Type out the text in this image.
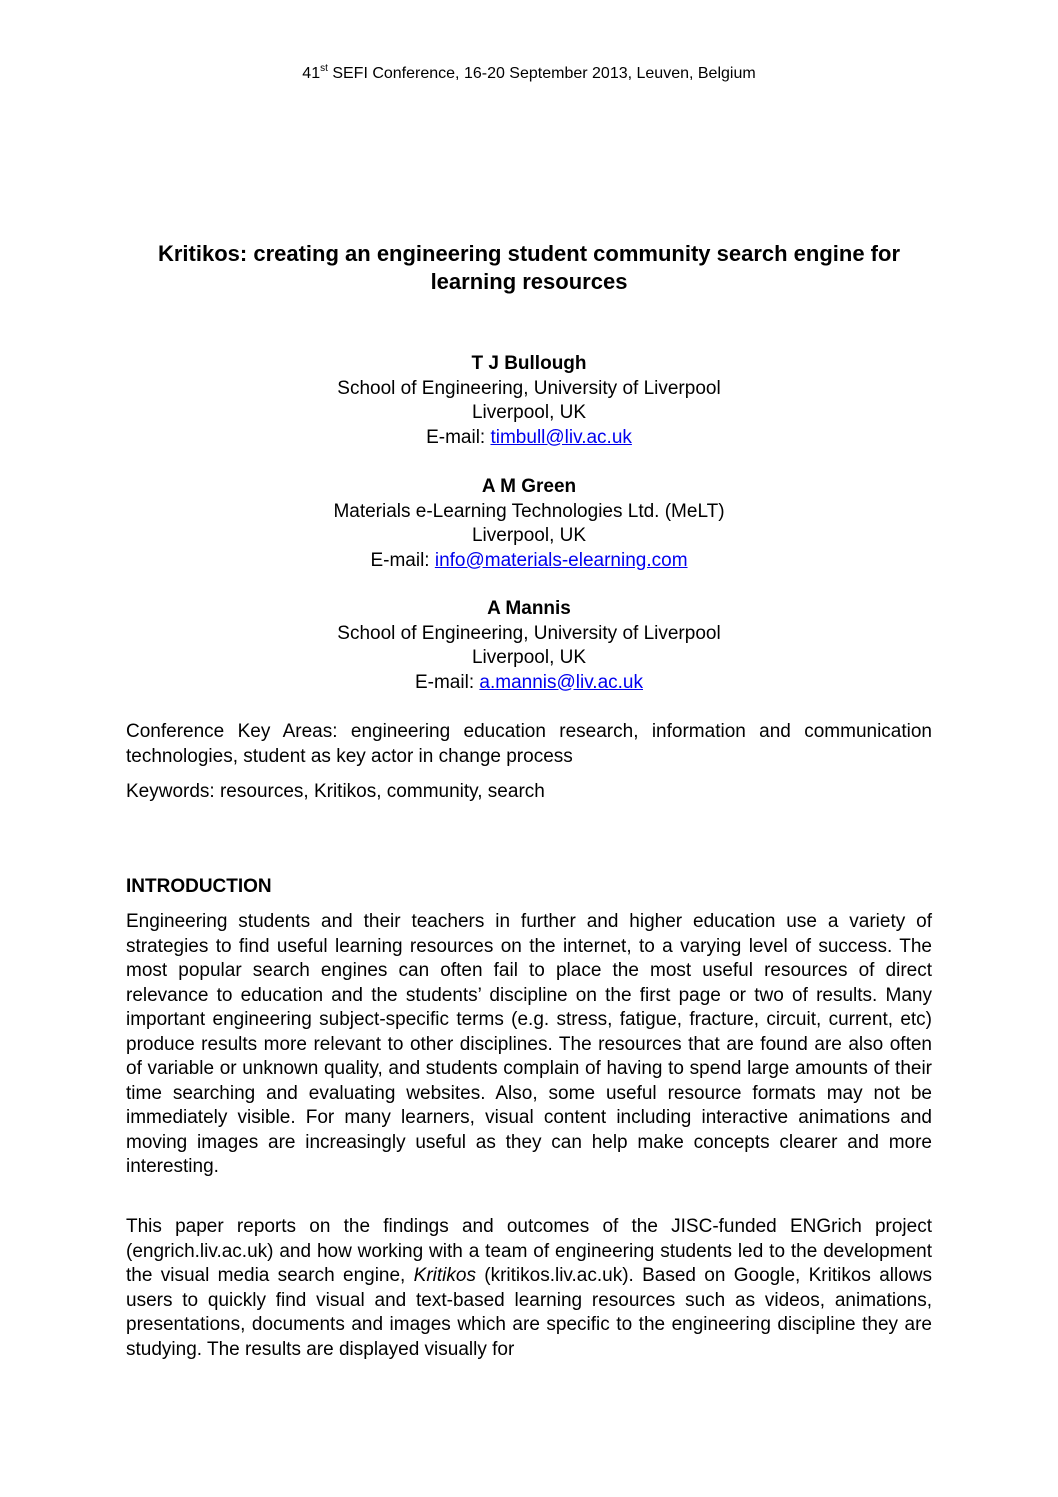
41st SEFI Conference, 16-20 September 2013, Leuven, Belgium
Kritikos: creating an engineering student community search engine for learning resources
T J Bullough
School of Engineering, University of Liverpool
Liverpool, UK
E-mail: timbull@liv.ac.uk
A M Green
Materials e-Learning Technologies Ltd. (MeLT)
Liverpool, UK
E-mail: info@materials-elearning.com
A Mannis
School of Engineering, University of Liverpool
Liverpool, UK
E-mail: a.mannis@liv.ac.uk

Conference Key Areas: engineering education research, information and communication technologies, student as key actor in change process

Keywords: resources, Kritikos, community, search

INTRODUCTION

Engineering students and their teachers in further and higher education use a variety of strategies to find useful learning resources on the internet, to a varying level of success. The most popular search engines can often fail to place the most useful resources of direct relevance to education and the students’ discipline on the first page or two of results. Many important engineering subject-specific terms (e.g. stress, fatigue, fracture, circuit, current, etc) produce results more relevant to other disciplines. The resources that are found are also often of variable or unknown quality, and students complain of having to spend large amounts of their time searching and evaluating websites. Also, some useful resource formats may not be immediately visible. For many learners, visual content including interactive animations and moving images are increasingly useful as they can help make concepts clearer and more interesting.

This paper reports on the findings and outcomes of the JISC-funded ENGrich project (engrich.liv.ac.uk) and how working with a team of engineering students led to the development the visual media search engine, Kritikos (kritikos.liv.ac.uk). Based on Google, Kritikos allows users to quickly find visual and text-based learning resources such as videos, animations, presentations, documents and images which are specific to the engineering discipline they are studying. The results are displayed visually for
